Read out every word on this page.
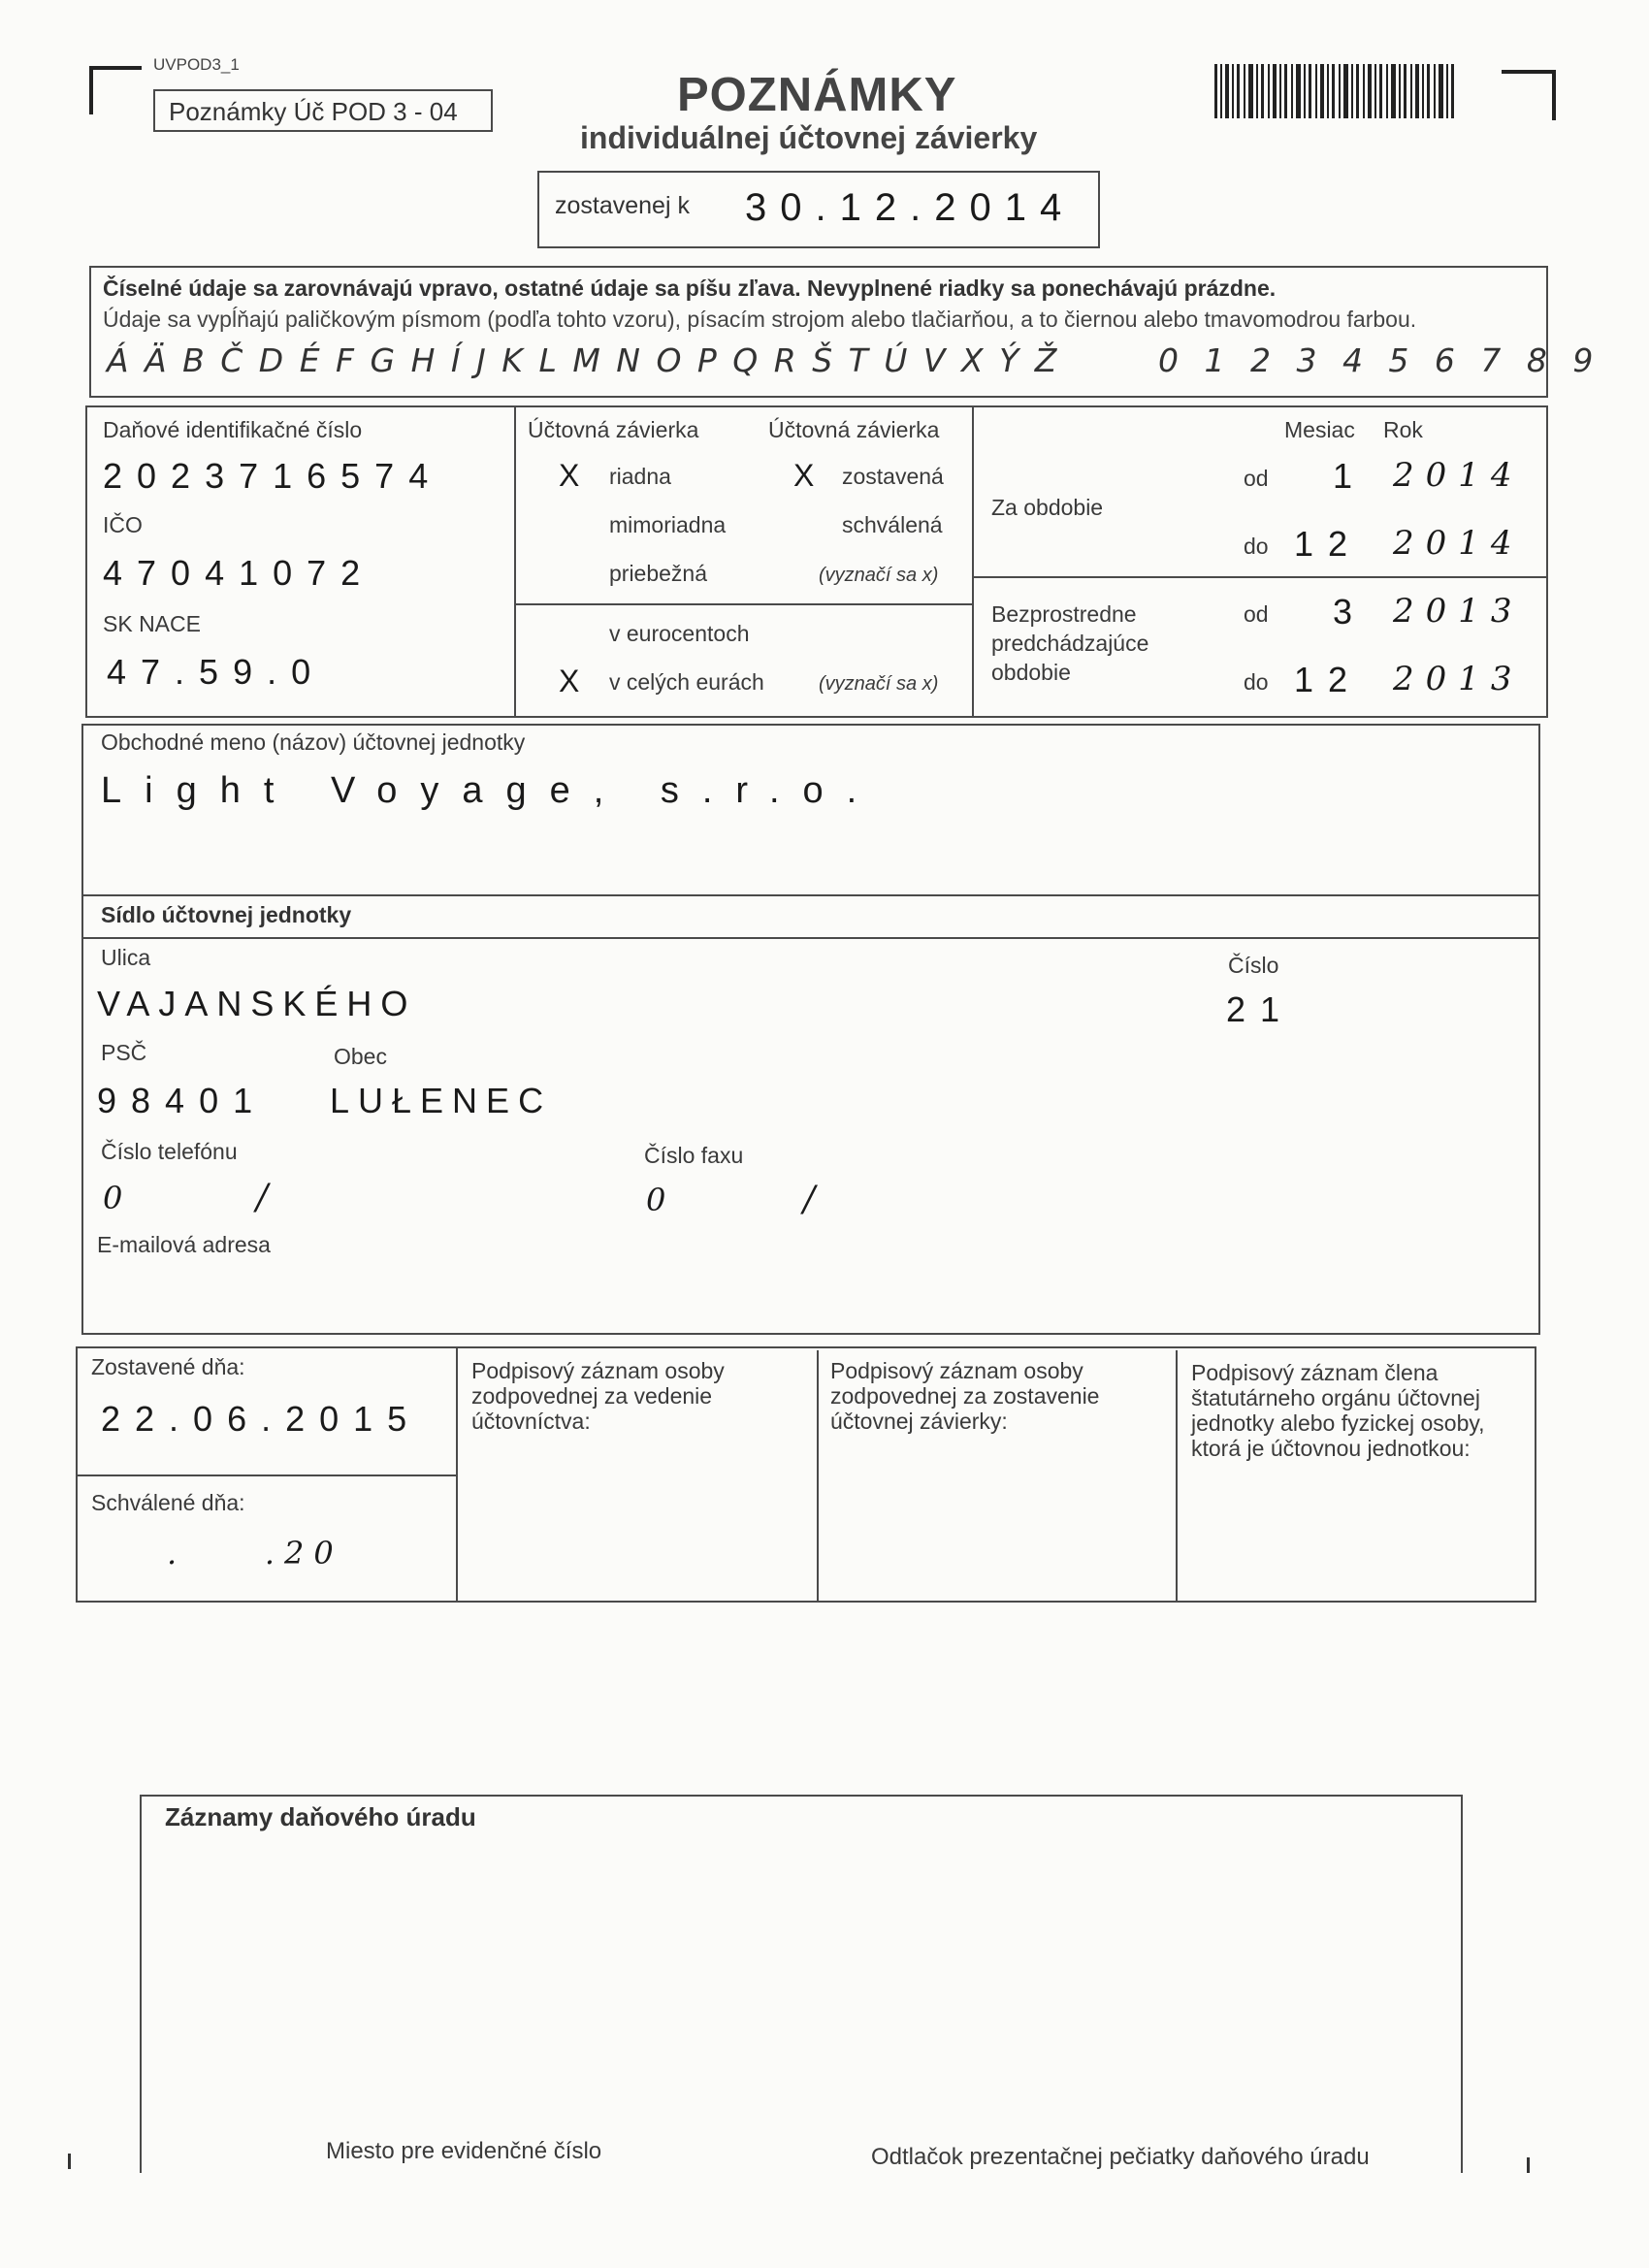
UVPOD3_1
Poznámky Úč POD 3 - 04	POZNÁMKY
individuálnej účtovnej závierky
zostavenej k 30.12.2014
Číselné údaje sa zarovnávajú vpravo, ostatné údaje sa píšu zľava. Nevyplnené riadky sa ponechávajú prázdne.
Údaje sa vypĺňajú paličkovým písmom (podľa tohto vzoru), písacím strojom alebo tlačiarňou, a to čiernou alebo tmavomodrou farbou.
Á Ä B Č D É F G H Í J K L M N O P Q R Š T Ú V X Ý Ž	0 1 2 3 4 5 6 7 8 9
Daňové identifikačné číslo
2023716574
IČO
47041072
SK NACE
47.59.0
Účtovná závierka	Účtovná závierka
X riadna	X zostavená
mimoriadna	schválená
priebežná	(vyznačí sa x)
v eurocentoch
X v celých eurách	(vyznačí sa x)
Mesiac Rok
Za obdobie
od 1 2014
do 12 2014
Bezprostredne
predchádzajúce
obdobie
od 3 2013
do 12 2013
Obchodné meno (názov) účtovnej jednotky
Light Voyage, s.r.o.
Sídlo účtovnej jednotky
Ulica
VAJANSKÉHO
Číslo
21
PSČ	Obec
98401 LUŁENEC
Číslo telefónu	Číslo faxu
0	/	0	/
E-mailová adresa
Zostavené dňa:
22.06.2015
Schválené dňa:
.    .20
Podpisový záznam osoby zodpovednej za vedenie účtovníctva:
Podpisový záznam osoby zodpovednej za zostavenie účtovnej závierky:
Podpisový záznam člena štatutárneho orgánu účtovnej jednotky alebo fyzickej osoby, ktorá je účtovnou jednotkou:
Záznamy daňového úradu
Miesto pre evidenčné číslo	Odtlačok prezentačnej pečiatky daňového úradu
